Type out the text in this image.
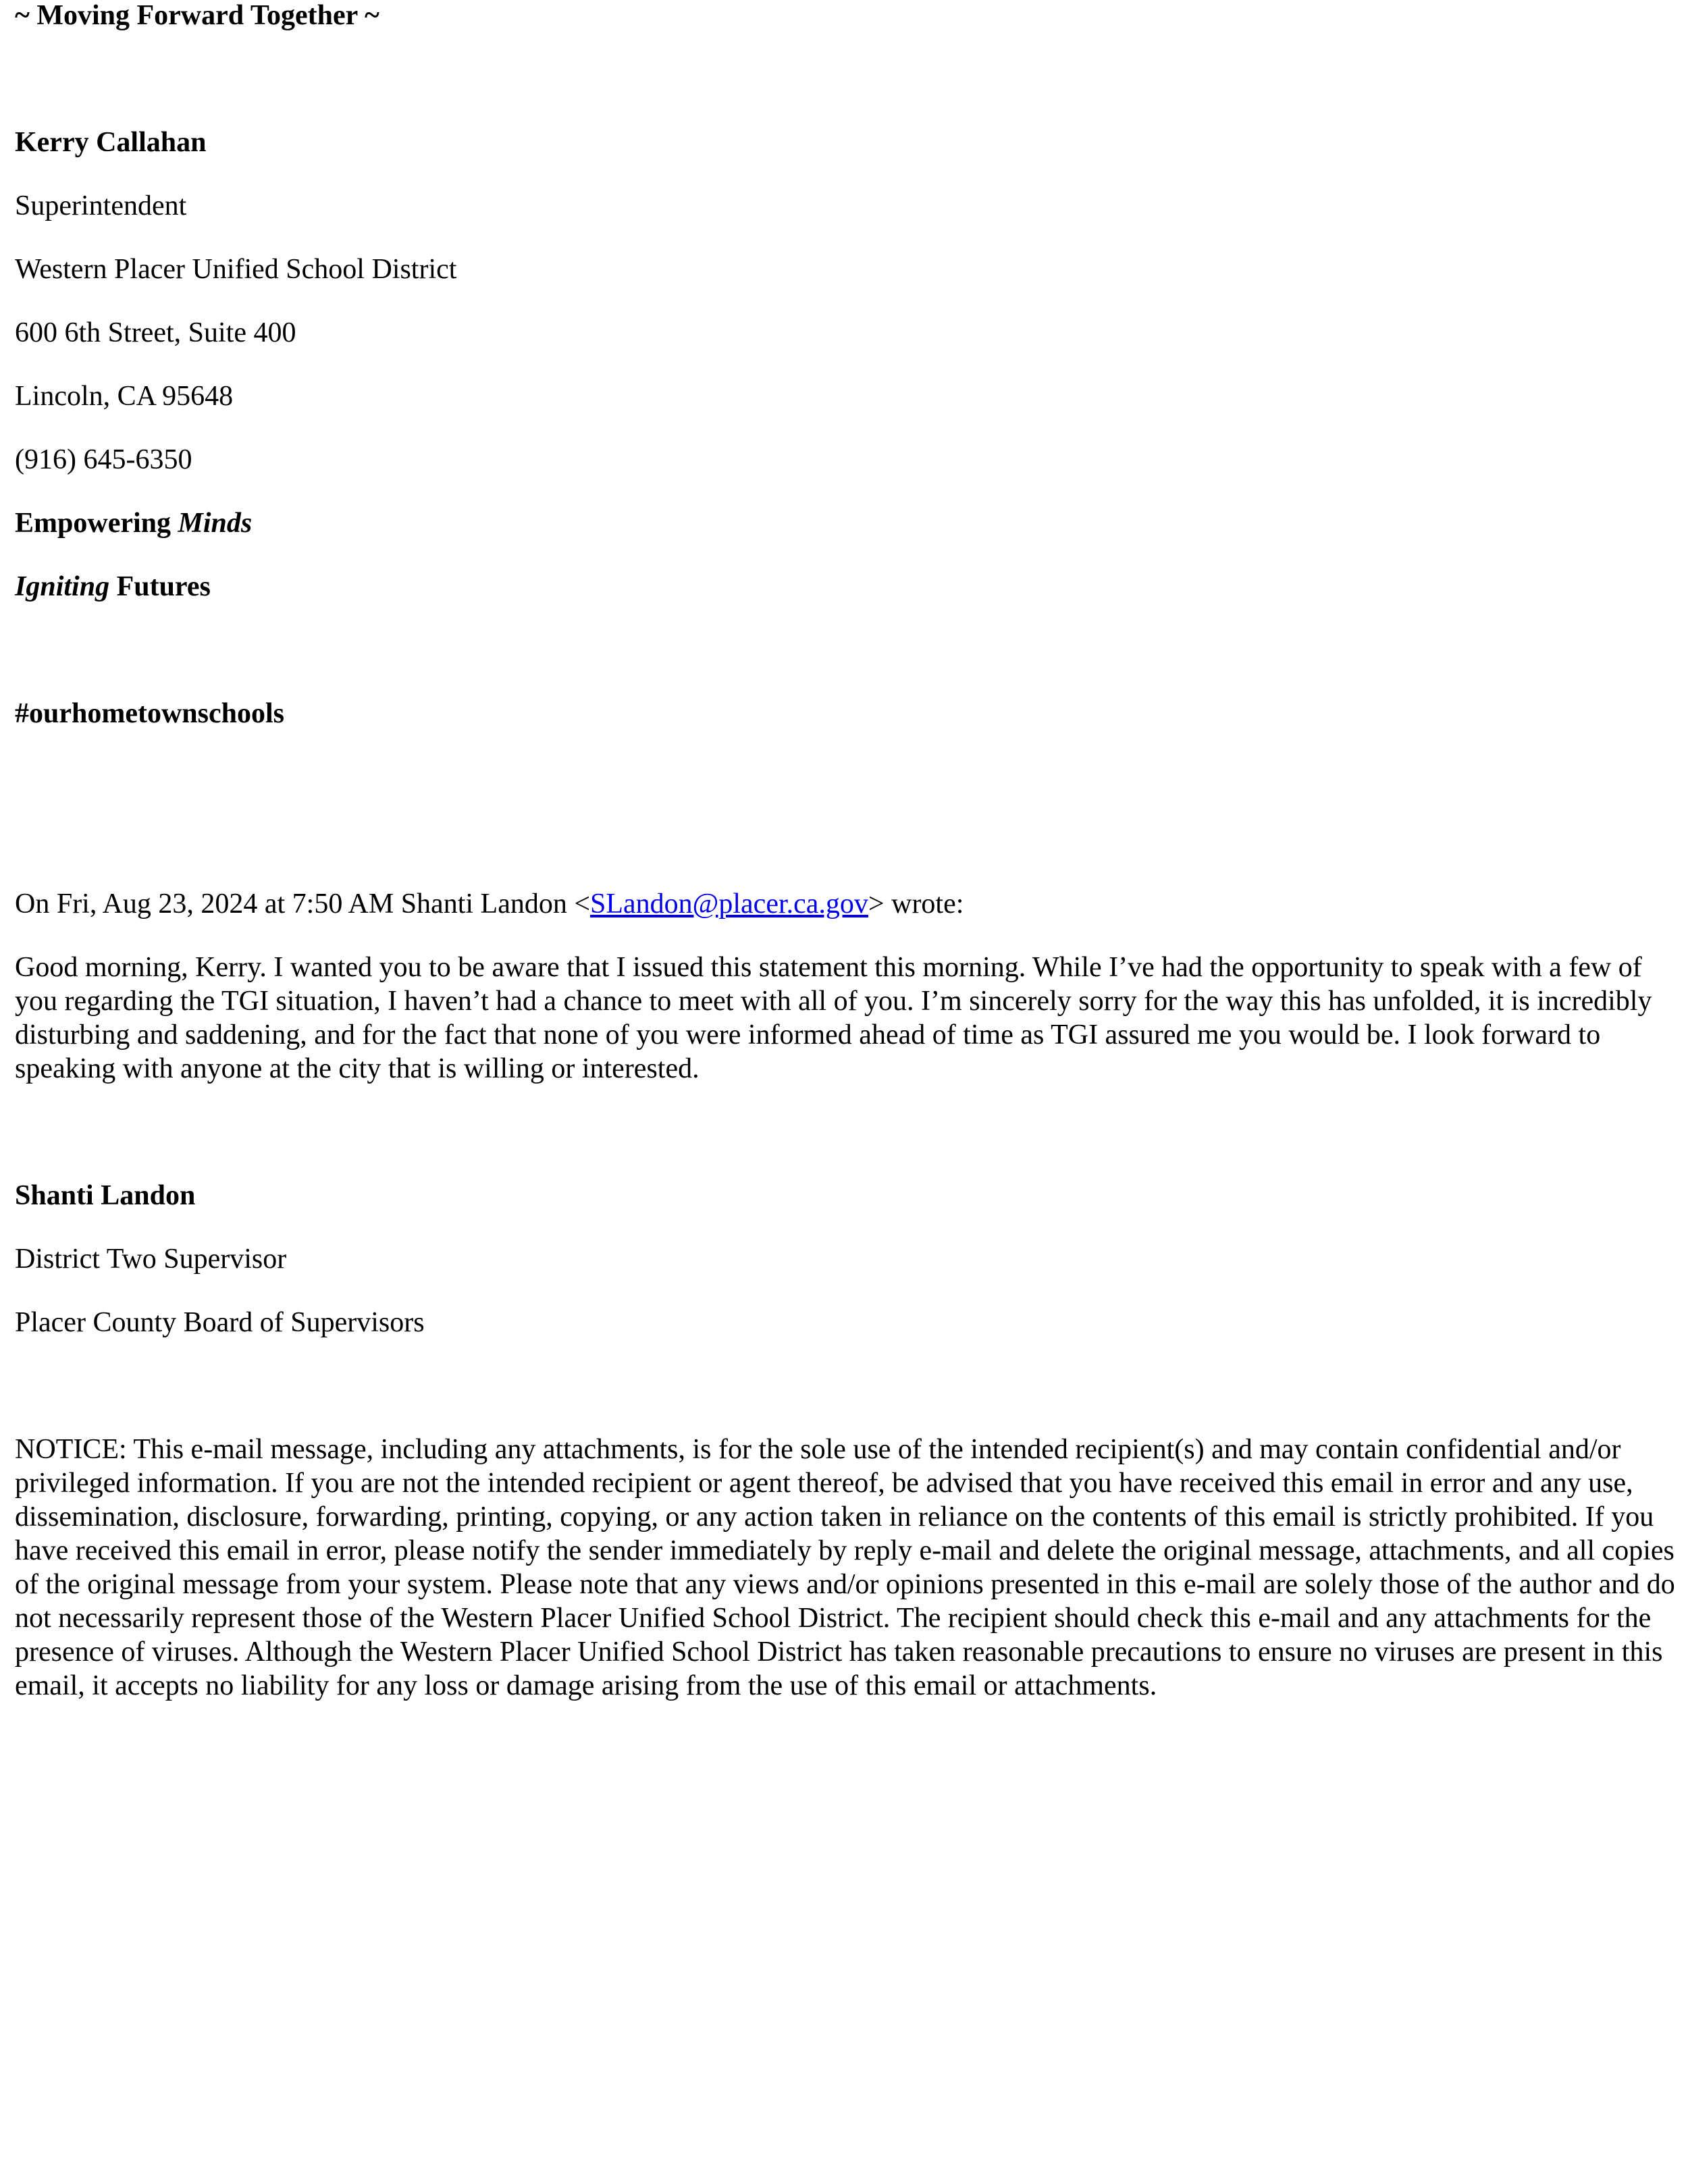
~ Moving Forward Together ~
Kerry Callahan
Superintendent
Western Placer Unified School District
600 6th Street, Suite 400
Lincoln, CA 95648
(916) 645-6350
Empowering Minds
Igniting Futures
#ourhometownschools
On Fri, Aug 23, 2024 at 7:50 AM Shanti Landon <SLandon@placer.ca.gov> wrote:
Good morning, Kerry. I wanted you to be aware that I issued this statement this morning. While I’ve had the opportunity to speak with a few of you regarding the TGI situation, I haven’t had a chance to meet with all of you. I’m sincerely sorry for the way this has unfolded, it is incredibly disturbing and saddening, and for the fact that none of you were informed ahead of time as TGI assured me you would be. I look forward to speaking with anyone at the city that is willing or interested.
Shanti Landon
District Two Supervisor
Placer County Board of Supervisors
NOTICE: This e-mail message, including any attachments, is for the sole use of the intended recipient(s) and may contain confidential and/or privileged information. If you are not the intended recipient or agent thereof, be advised that you have received this email in error and any use, dissemination, disclosure, forwarding, printing, copying, or any action taken in reliance on the contents of this email is strictly prohibited. If you have received this email in error, please notify the sender immediately by reply e-mail and delete the original message, attachments, and all copies of the original message from your system. Please note that any views and/or opinions presented in this e-mail are solely those of the author and do not necessarily represent those of the Western Placer Unified School District. The recipient should check this e-mail and any attachments for the presence of viruses. Although the Western Placer Unified School District has taken reasonable precautions to ensure no viruses are present in this email, it accepts no liability for any loss or damage arising from the use of this email or attachments.
